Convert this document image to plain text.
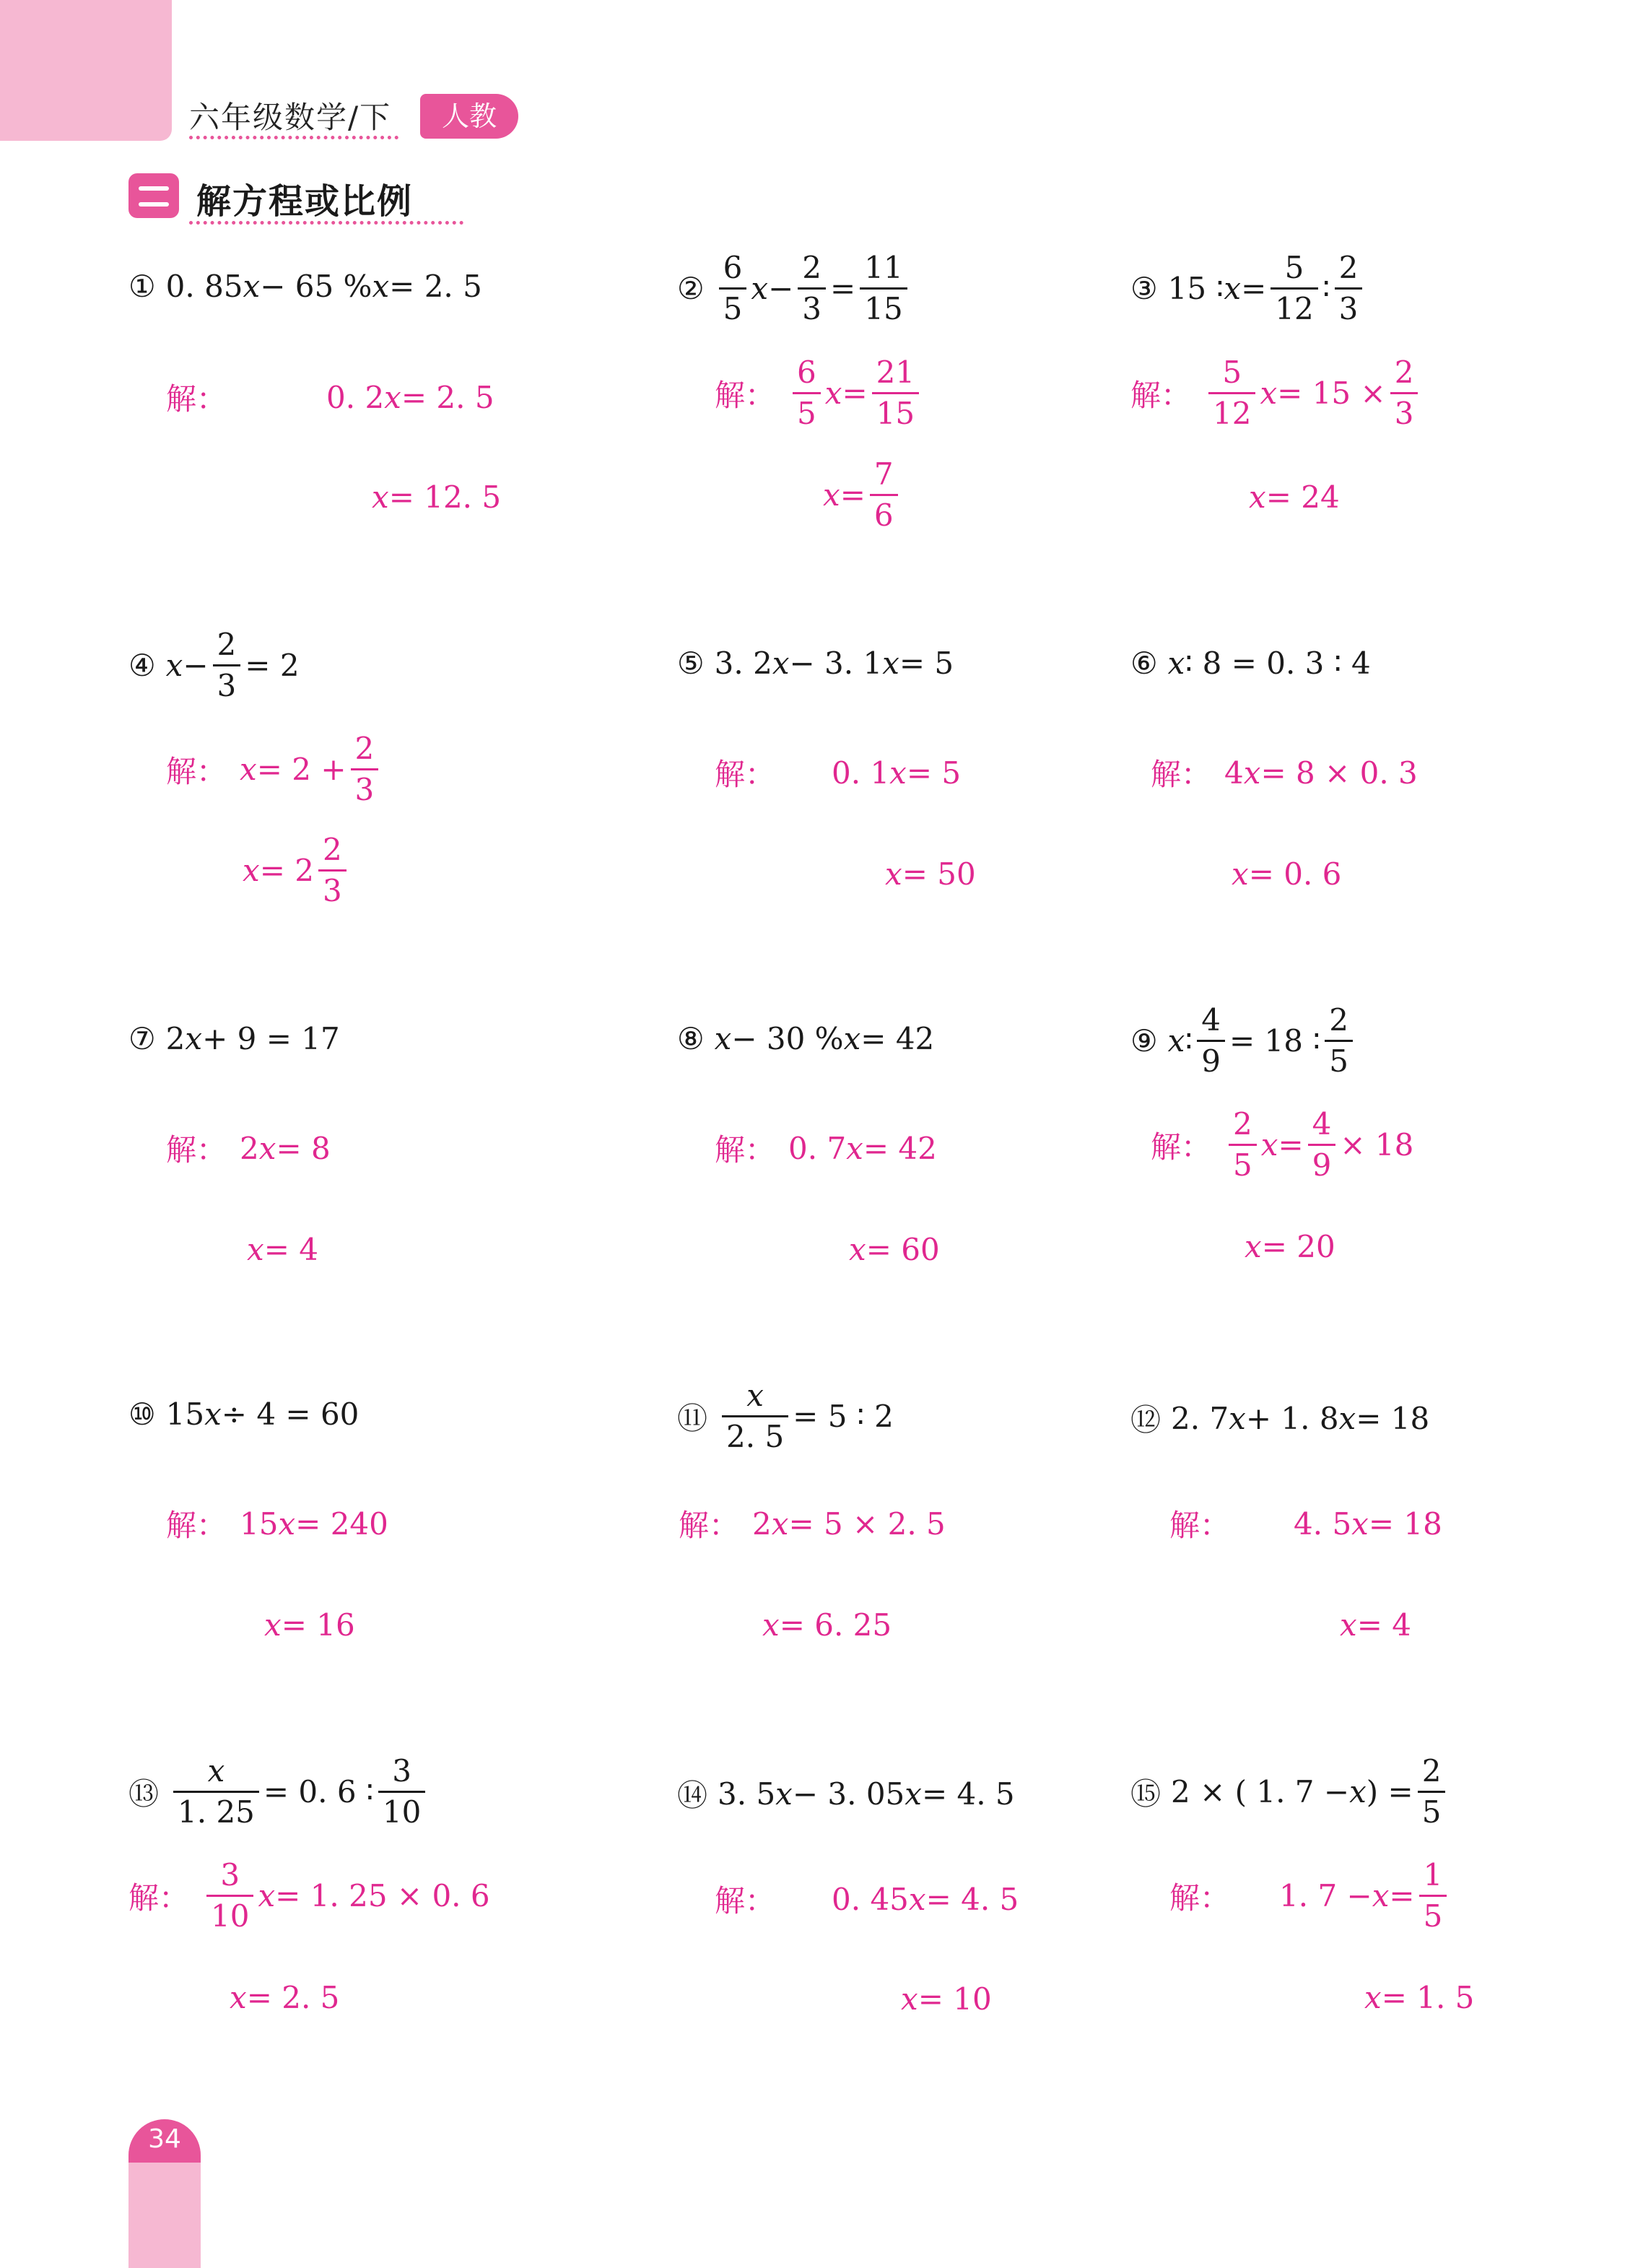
六年级数学/下	人教
解方程或比例
① 0. 85 x − 65 % x = 2. 5
解：	0. 2 x = 2. 5
x = 12. 5
② $\frac{6}{5}$ $x - \frac{2}{3} = \frac{11}{15}$
解： $\frac{6}{5}$ $x = \frac{21}{15}$
$x = \frac{7}{6}$
③ 15 ∶ $x = \frac{5}{12}$ ∶ $\frac{2}{3}$
解： $\frac{5}{12}$ $x = 15 \times \frac{2}{3}$
x = 24
④ $x - \frac{2}{3} = 2$
解： $x = 2 + \frac{2}{3}$
$x = 2 \frac{2}{3}$
⑤ 3. 2 x − 3. 1 x = 5
解： 0. 1 x = 5
x = 50
⑥ x ∶ 8 = 0. 3 ∶ 4
解： 4 x = 8 × 0. 3
x = 0. 6
⑦ 2 x + 9 = 17
解： 2 x = 8
x = 4
⑧ x − 30 % x = 42
解： 0. 7 x = 42
x = 60
⑨ x ∶ $\frac{4}{9} = 18$ ∶ $\frac{2}{5}$
解： $\frac{2}{5}$ $x = \frac{4}{9} \times 18$
x = 20
⑩ 15 x ÷ 4 = 60
解： 15 x = 240
x = 16
⑪ $\frac{x}{2. 5} = 5$ ∶ 2
解： 2 x = 5 × 2. 5
x = 6. 25
⑫ 2. 7 x + 1. 8 x = 18
解： 4. 5 x = 18
x = 4
⑬ $\frac{x}{1. 25} = 0$. 6 ∶ $\frac{3}{10}$
解： $\frac{3}{10}$ x = 1. 25 × 0. 6
x = 2. 5
⑭ 3. 5 x − 3. 05 x = 4. 5
解： 0. 45 x = 4. 5
x = 10
⑮ 2 × ( 1. 7 − x ) = $\frac{2}{5}$
解： 1. $7 - x = \frac{1}{5}$
x = 1. 5
34
